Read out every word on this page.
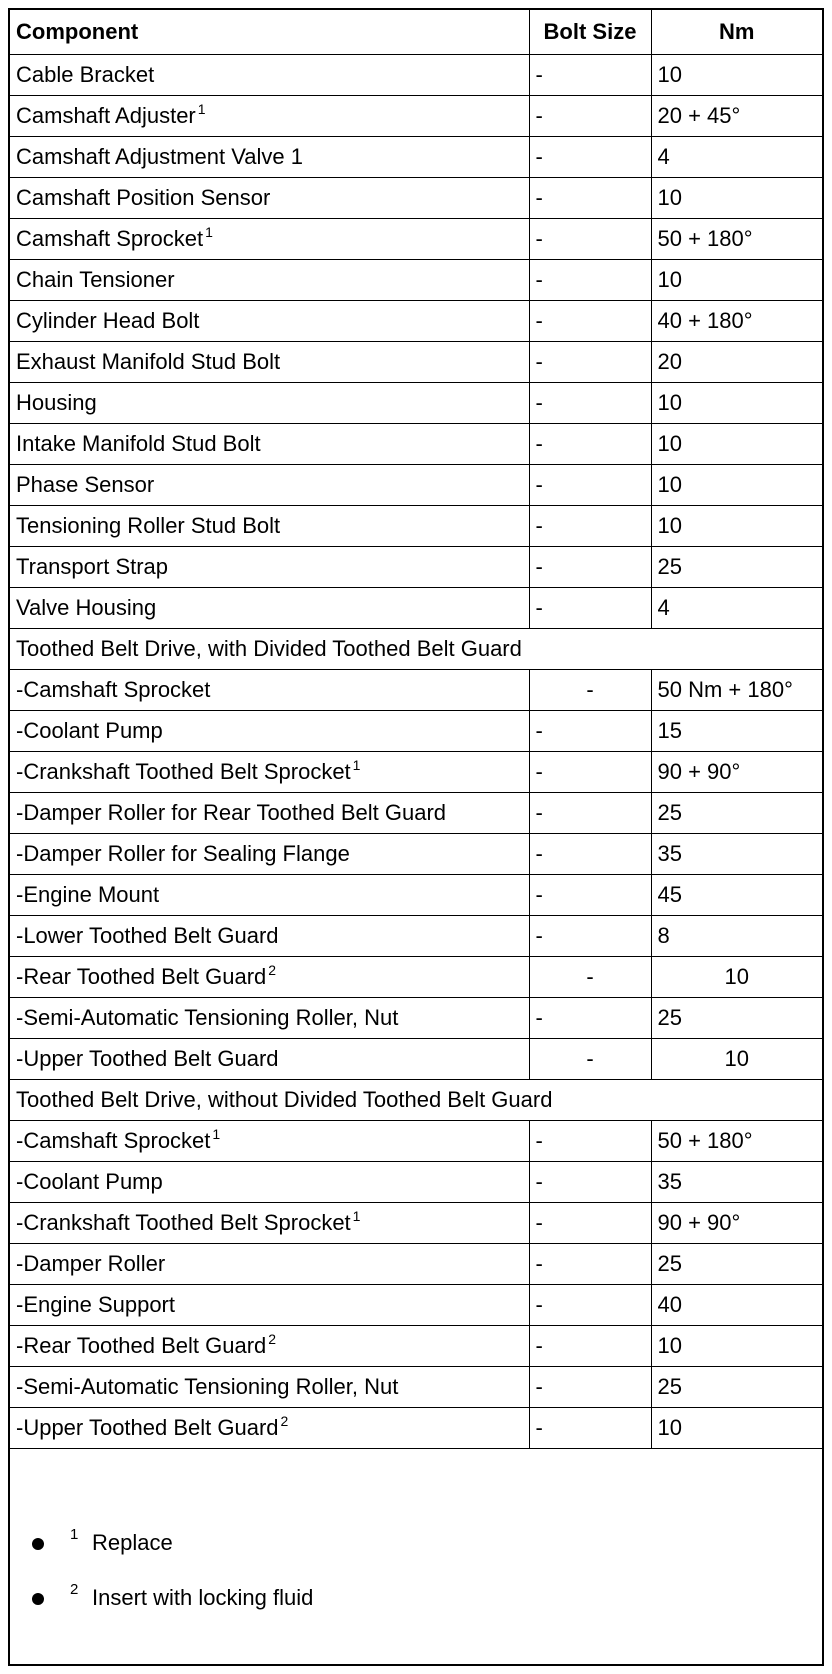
Component	Bolt Size	Nm
Cable Bracket	-	10
Camshaft Adjuster $^1$	-	20 + 45°
Camshaft Adjustment Valve 1	-	4
Camshaft Position Sensor	-	10
Camshaft Sprocket $^1$	-	50 + 180°
Chain Tensioner	-	10
Cylinder Head Bolt	-	40 + 180°
Exhaust Manifold Stud Bolt	-	20
Housing	-	10
Intake Manifold Stud Bolt	-	10
Phase Sensor	-	10
Tensioning Roller Stud Bolt	-	10
Transport Strap	-	25
Valve Housing	-	4
Toothed Belt Drive, with Divided Toothed Belt Guard		
-Camshaft Sprocket	-	50 Nm + 180°
-Coolant Pump	-	15
-Crankshaft Toothed Belt Sprocket $^1$	-	90 + 90°
-Damper Roller for Rear Toothed Belt Guard	-	25
-Damper Roller for Sealing Flange	-	35
-Engine Mount	-	45
-Lower Toothed Belt Guard	-	8
-Rear Toothed Belt Guard $^2$	-	10
-Semi-Automatic Tensioning Roller, Nut	-	25
-Upper Toothed Belt Guard	-	10
Toothed Belt Drive, without Divided Toothed Belt Guard		
-Camshaft Sprocket $^1$	-	50 + 180°
-Coolant Pump	-	35
-Crankshaft Toothed Belt Sprocket $^1$	-	90 + 90°
-Damper Roller	-	25
-Engine Support	-	40
-Rear Toothed Belt Guard $^2$	-	10
-Semi-Automatic Tensioning Roller, Nut	-	25
-Upper Toothed Belt Guard $^2$	-	10
1 Replace
2 Insert with locking fluid
